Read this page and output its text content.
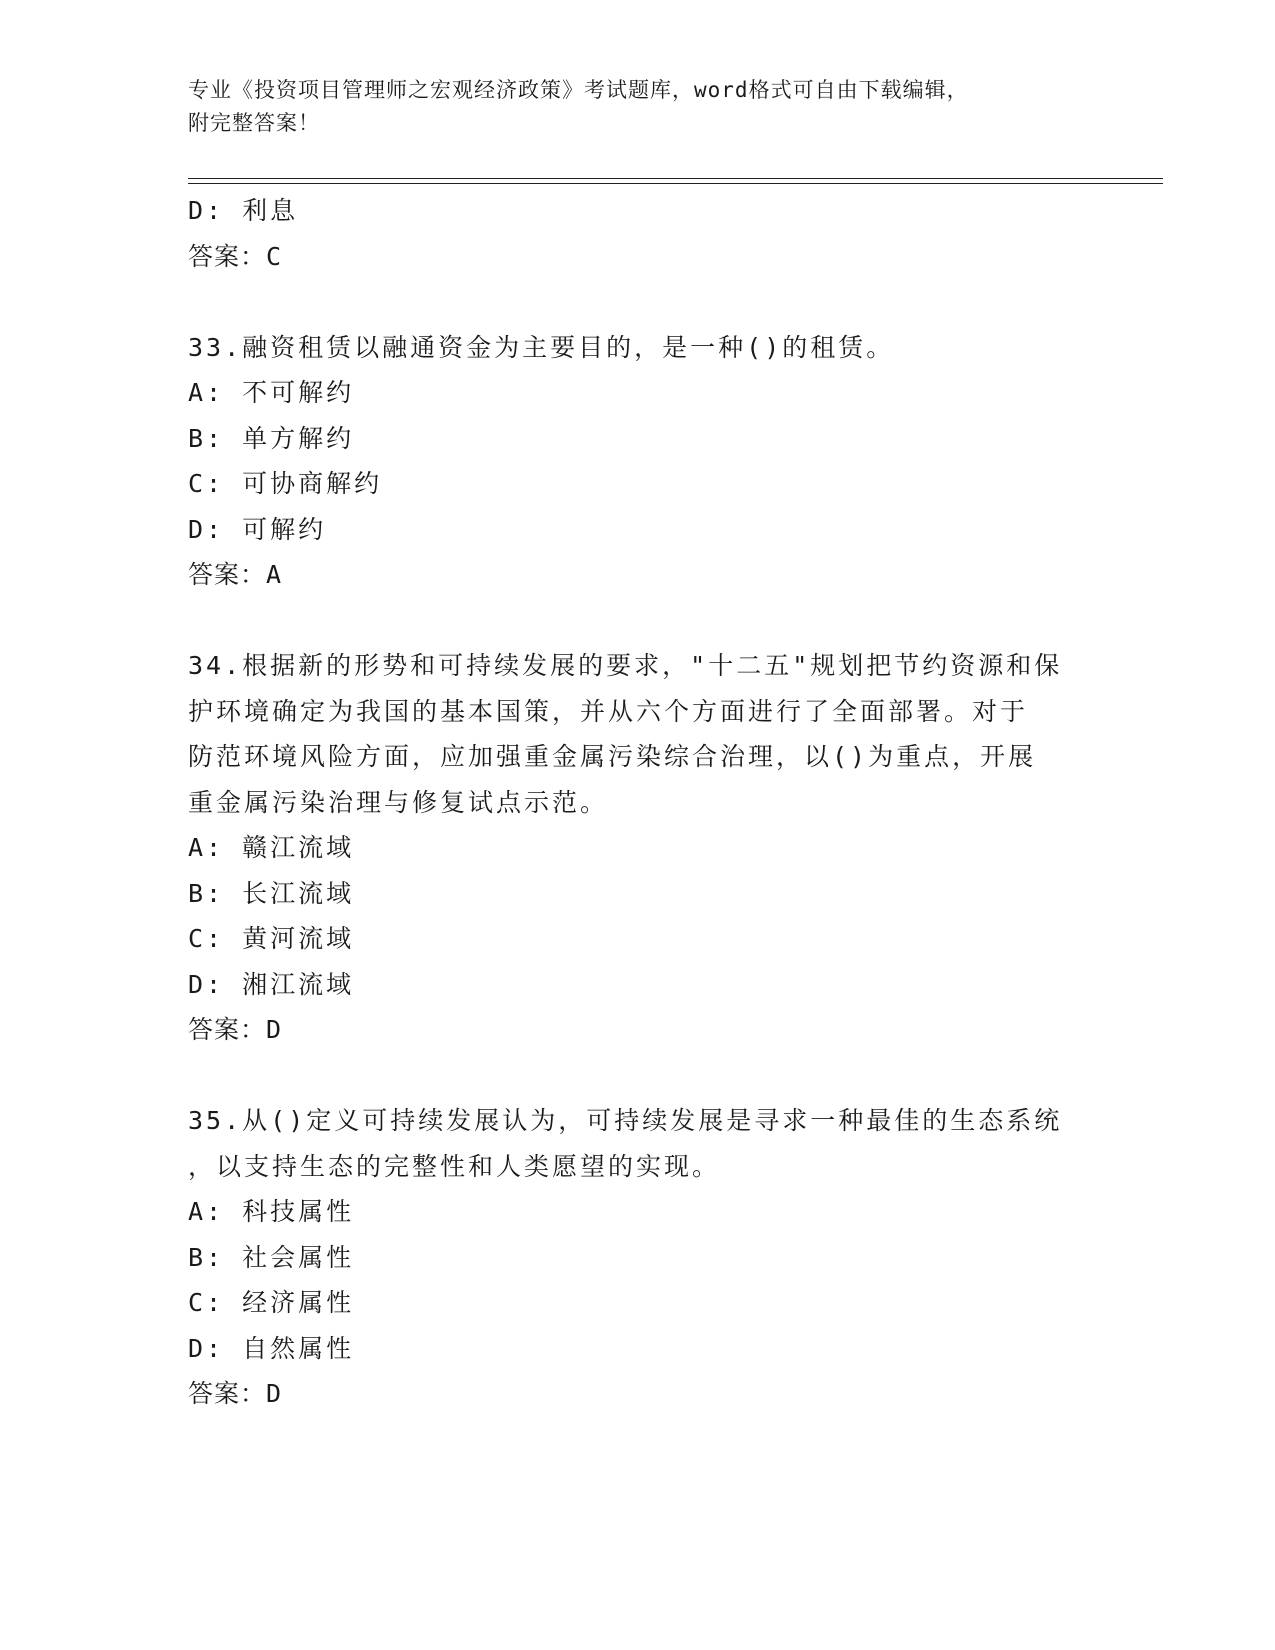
专业《投资项目管理师之宏观经济政策》考试题库，word格式可自由下载编辑，
附完整答案！
D: 利息
答案：C
33.融资租赁以融通资金为主要目的，是一种()的租赁。
A: 不可解约
B: 单方解约
C: 可协商解约
D: 可解约
答案：A
34.根据新的形势和可持续发展的要求，"十二五"规划把节约资源和保
护环境确定为我国的基本国策，并从六个方面进行了全面部署。对于
防范环境风险方面，应加强重金属污染综合治理，以()为重点，开展
重金属污染治理与修复试点示范。
A: 赣江流域
B: 长江流域
C: 黄河流域
D: 湘江流域
答案：D
35.从()定义可持续发展认为，可持续发展是寻求一种最佳的生态系统
，以支持生态的完整性和人类愿望的实现。
A: 科技属性
B: 社会属性
C: 经济属性
D: 自然属性
答案：D
